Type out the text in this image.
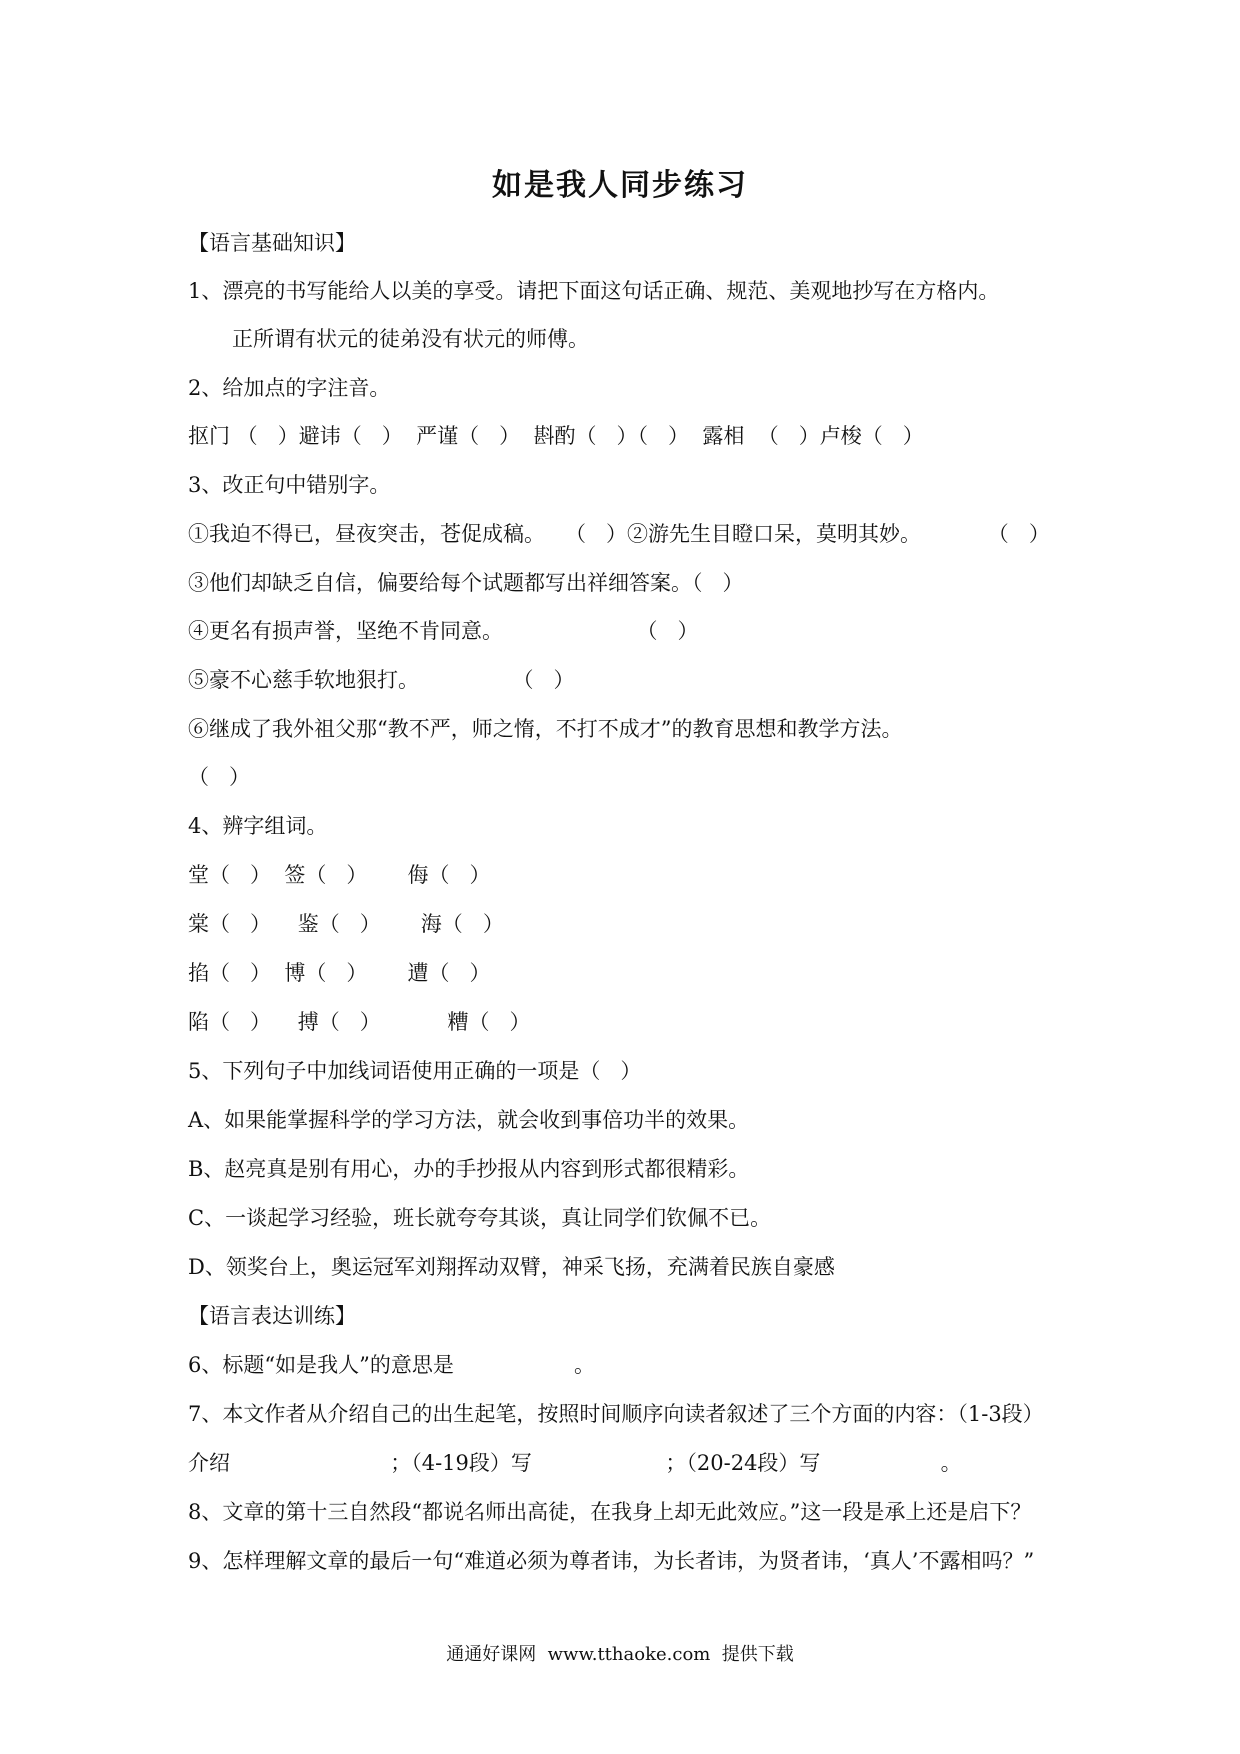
如是我人同步练习
【语言基础知识】
1、漂亮的书写能给人以美的享受。请把下面这句话正确、规范、美观地抄写在方格内。
正所谓有状元的徒弟没有状元的师傅。
2、给加点的字注音。
抠门 （   ）避讳（   ）  严谨（   ）  斟酌（   ）（   ）  露相  （   ）卢梭（   ）
3、改正句中错别字。
①我迫不得已，昼夜突击，苍促成稿。   （   ）②游先生目瞪口呆，莫明其妙。          （   ）
③他们却缺乏自信，偏要给每个试题都写出祥细答案。（   ）
④更名有损声誉，坚绝不肯同意。                    （   ）
⑤豪不心慈手软地狠打。              （   ）
⑥继成了我外祖父那“教不严，师之惰，不打不成才”的教育思想和教学方法。
（   ）
4、辨字组词。
堂（   ）  签（   ）      侮（   ）
棠（   ）    鉴（   ）      海（   ）
掐（   ）  博（   ）      遭（   ）
陷（   ）    搏（   ）          糟（   ）
5、下列句子中加线词语使用正确的一项是（   ）
A、如果能掌握科学的学习方法，就会收到事倍功半的效果。
B、赵亮真是别有用心，办的手抄报从内容到形式都很精彩。
C、一谈起学习经验，班长就夸夸其谈，真让同学们钦佩不已。
D、领奖台上，奥运冠军刘翔挥动双臂，神采飞扬，充满着民族自豪感
【语言表达训练】
6、标题“如是我人”的意思是                  。
7、本文作者从介绍自己的出生起笔，按照时间顺序向读者叙述了三个方面的内容：（1-3段）
介绍                        ；（4-19段）写                    ；（20-24段）写                  。
8、文章的第十三自然段“都说名师出高徒，在我身上却无此效应。”这一段是承上还是启下？
9、怎样理解文章的最后一句“难道必须为尊者讳，为长者讳，为贤者讳，‘真人’不露相吗？”
通通好课网  www.tthaoke.com  提供下载
